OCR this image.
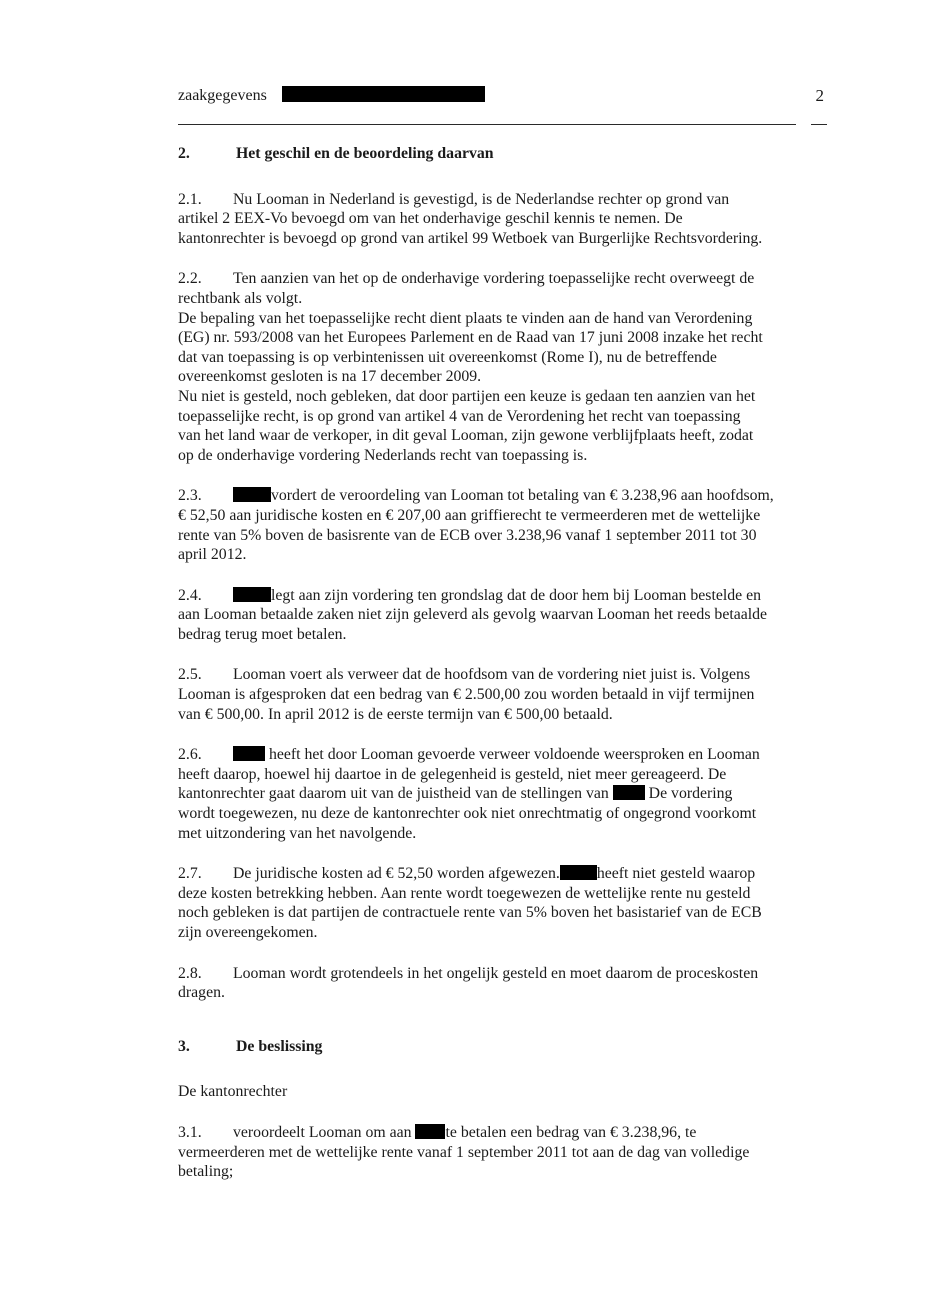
zaakgegevens	2
2.	Het geschil en de beoordeling daarvan
2.1. Nu Looman in Nederland is gevestigd, is de Nederlandse rechter op grond van
artikel 2 EEX-Vo bevoegd om van het onderhavige geschil kennis te nemen. De
kantonrechter is bevoegd op grond van artikel 99 Wetboek van Burgerlijke Rechtsvordering.
2.2. Ten aanzien van het op de onderhavige vordering toepasselijke recht overweegt de
rechtbank als volgt.
De bepaling van het toepasselijke recht dient plaats te vinden aan de hand van Verordening
(EG) nr. 593/2008 van het Europees Parlement en de Raad van 17 juni 2008 inzake het recht
dat van toepassing is op verbintenissen uit overeenkomst (Rome I), nu de betreffende
overeenkomst gesloten is na 17 december 2009.
Nu niet is gesteld, noch gebleken, dat door partijen een keuze is gedaan ten aanzien van het
toepasselijke recht, is op grond van artikel 4 van de Verordening het recht van toepassing
van het land waar de verkoper, in dit geval Looman, zijn gewone verblijfplaats heeft, zodat
op de onderhavige vordering Nederlands recht van toepassing is.
2.3.	vordert de veroordeling van Looman tot betaling van € 3.238,96 aan hoofdsom,
€ 52,50 aan juridische kosten en € 207,00 aan griffierecht te vermeerderen met de wettelijke
rente van 5% boven de basisrente van de ECB over 3.238,96 vanaf 1 september 2011 tot 30
april 2012.
2.4.	legt aan zijn vordering ten grondslag dat de door hem bij Looman bestelde en
aan Looman betaalde zaken niet zijn geleverd als gevolg waarvan Looman het reeds betaalde
bedrag terug moet betalen.
2.5. Looman voert als verweer dat de hoofdsom van de vordering niet juist is. Volgens
Looman is afgesproken dat een bedrag van € 2.500,00 zou worden betaald in vijf termijnen
van € 500,00. In april 2012 is de eerste termijn van € 500,00 betaald.
2.6.	heeft het door Looman gevoerde verweer voldoende weersproken en Looman
heeft daarop, hoewel hij daartoe in de gelegenheid is gesteld, niet meer gereageerd. De
kantonrechter gaat daarom uit van de juistheid van de stellingen van	De vordering
wordt toegewezen, nu deze de kantonrechter ook niet onrechtmatig of ongegrond voorkomt
met uitzondering van het navolgende.
2.7. De juridische kosten ad € 52,50 worden afgewezen. heeft niet gesteld waarop
deze kosten betrekking hebben. Aan rente wordt toegewezen de wettelijke rente nu gesteld
noch gebleken is dat partijen de contractuele rente van 5% boven het basistarief van de ECB
zijn overeengekomen.
2.8. Looman wordt grotendeels in het ongelijk gesteld en moet daarom de proceskosten
dragen.
3.	De beslissing
De kantonrechter
3.1. veroordeelt Looman om aan te betalen een bedrag van € 3.238,96, te
vermeerderen met de wettelijke rente vanaf 1 september 2011 tot aan de dag van volledige
betaling;
